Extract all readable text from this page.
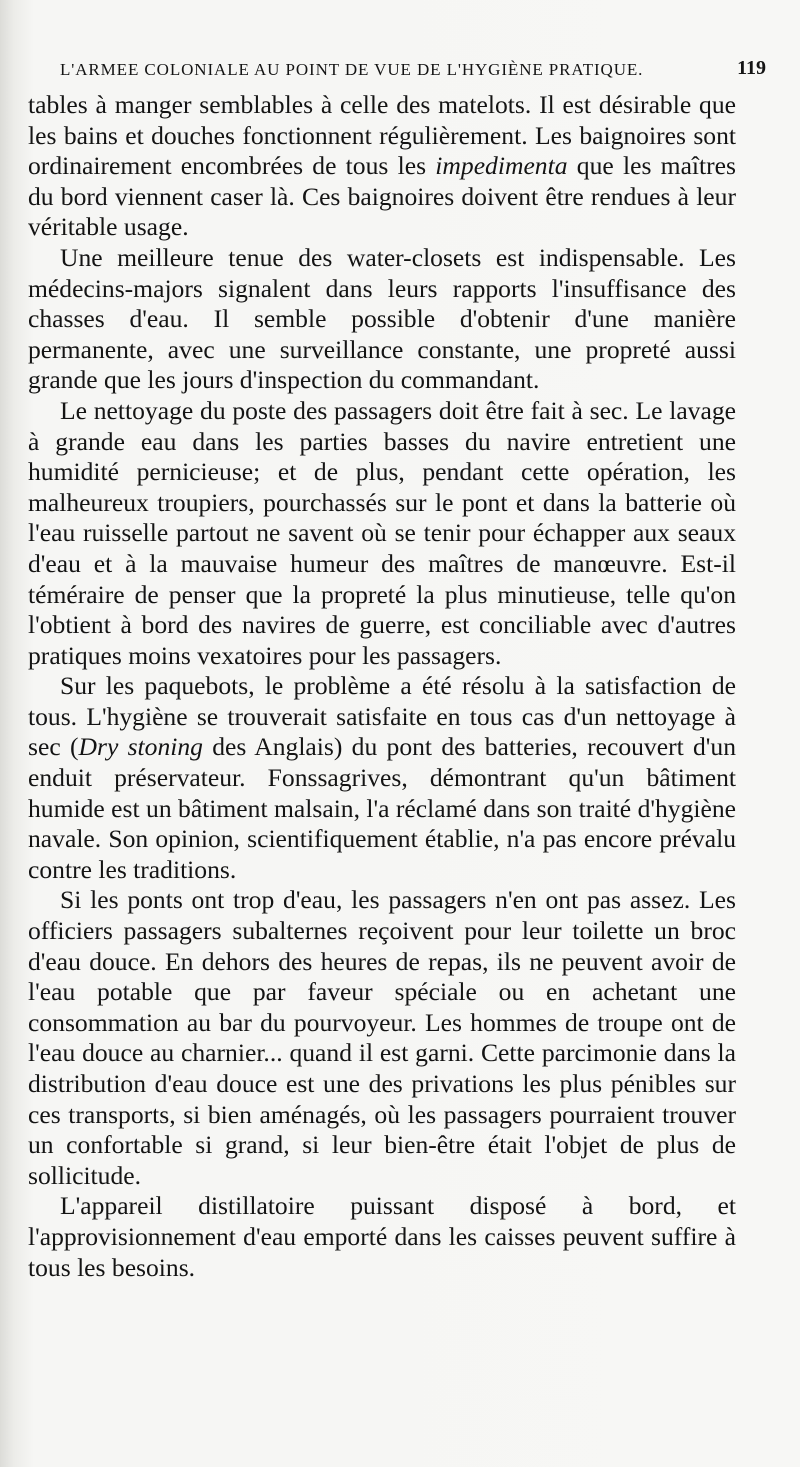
L'ARMEE COLONIALE AU POINT DE VUE DE L'HYGIÈNE PRATIQUE.	119

tables à manger semblables à celle des matelots. Il est désirable que les bains et douches fonctionnent régulièrement. Les baignoires sont ordinairement encombrées de tous les impedimenta que les maîtres du bord viennent caser là. Ces baignoires doivent être rendues à leur véritable usage.

Une meilleure tenue des water-closets est indispensable. Les médecins-majors signalent dans leurs rapports l'insuffisance des chasses d'eau. Il semble possible d'obtenir d'une manière permanente, avec une surveillance constante, une propreté aussi grande que les jours d'inspection du commandant.

Le nettoyage du poste des passagers doit être fait à sec. Le lavage à grande eau dans les parties basses du navire entretient une humidité pernicieuse; et de plus, pendant cette opération, les malheureux troupiers, pourchassés sur le pont et dans la batterie où l'eau ruisselle partout ne savent où se tenir pour échapper aux seaux d'eau et à la mauvaise humeur des maîtres de manœuvre. Est-il téméraire de penser que la propreté la plus minutieuse, telle qu'on l'obtient à bord des navires de guerre, est conciliable avec d'autres pratiques moins vexatoires pour les passagers.

Sur les paquebots, le problème a été résolu à la satisfaction de tous. L'hygiène se trouverait satisfaite en tous cas d'un nettoyage à sec (Dry stoning des Anglais) du pont des batteries, recouvert d'un enduit préservateur. Fonssagrives, démontrant qu'un bâtiment humide est un bâtiment malsain, l'a réclamé dans son traité d'hygiène navale. Son opinion, scientifiquement établie, n'a pas encore prévalu contre les traditions.

Si les ponts ont trop d'eau, les passagers n'en ont pas assez. Les officiers passagers subalternes reçoivent pour leur toilette un broc d'eau douce. En dehors des heures de repas, ils ne peuvent avoir de l'eau potable que par faveur spéciale ou en achetant une consommation au bar du pourvoyeur. Les hommes de troupe ont de l'eau douce au charnier... quand il est garni. Cette parcimonie dans la distribution d'eau douce est une des privations les plus pénibles sur ces transports, si bien aménagés, où les passagers pourraient trouver un confortable si grand, si leur bien-être était l'objet de plus de sollicitude.

L'appareil distillatoire puissant disposé à bord, et l'approvisionnement d'eau emporté dans les caisses peuvent suffire à tous les besoins.
